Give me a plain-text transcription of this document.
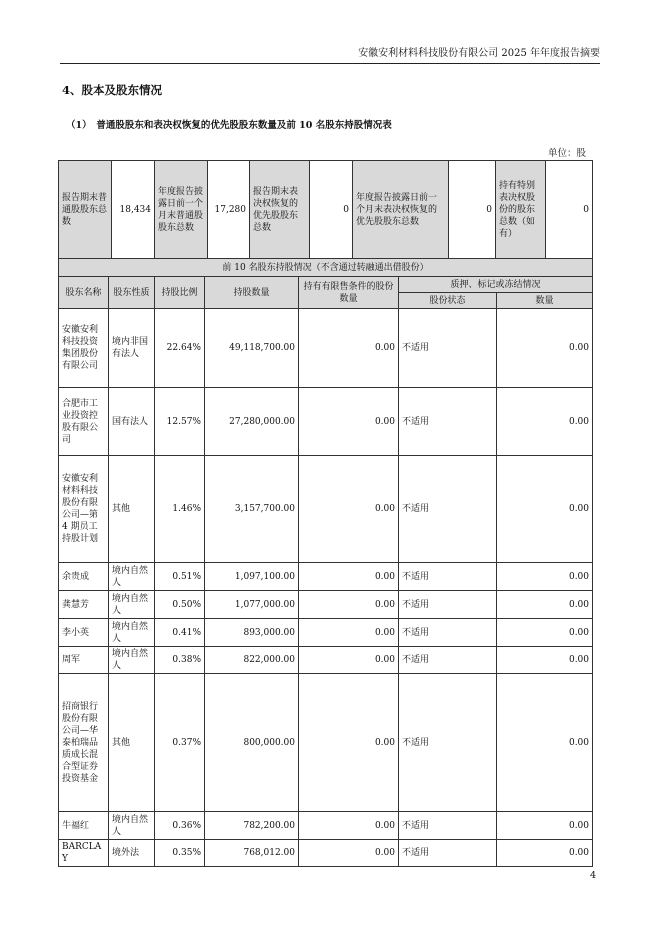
安徽安利材料科技股份有限公司 2025 年年度报告摘要
4、股本及股东情况
（1）　普通股股东和表决权恢复的优先股股东数量及前 10 名股东持股情况表
单位：股
报告期末普通股股东总数	18,434	年度报告披露日前一个月末普通股股东总数	17,280	报告期末表决权恢复的优先股股东总数	0	年度报告披露日前一个月末表决权恢复的优先股股东总数	0	持有特别表决权股份的股东总数（如有）	0
前 10 名股东持股情况（不含通过转融通出借股份）						
股东名称	股东性质	持股比例	持股数量	持有有限售条件的股份数量	质押、标记或冻结情况	
					股份状态	数量
安徽安利科技投资集团股份有限公司	境内非国有法人	22.64%	49,118,700.00	0.00	不适用	0.00
合肥市工业投资控股有限公司	国有法人	12.57%	27,280,000.00	0.00	不适用	0.00
安徽安利材料科技股份有限公司—第 4 期员工持股计划	其他	1.46%	3,157,700.00	0.00	不适用	0.00
余贵成	境内自然人	0.51%	1,097,100.00	0.00	不适用	0.00
龚慧芳	境内自然人	0.50%	1,077,000.00	0.00	不适用	0.00
李小英	境内自然人	0.41%	893,000.00	0.00	不适用	0.00
周军	境内自然人	0.38%	822,000.00	0.00	不适用	0.00
招商银行股份有限公司—华泰柏瑞品质成长混合型证券投资基金	其他	0.37%	800,000.00	0.00	不适用	0.00
牛福红	境内自然人	0.36%	782,200.00	0.00	不适用	0.00
BARCLAY	境外法	0.35%	768,012.00	0.00	不适用	0.00
4
